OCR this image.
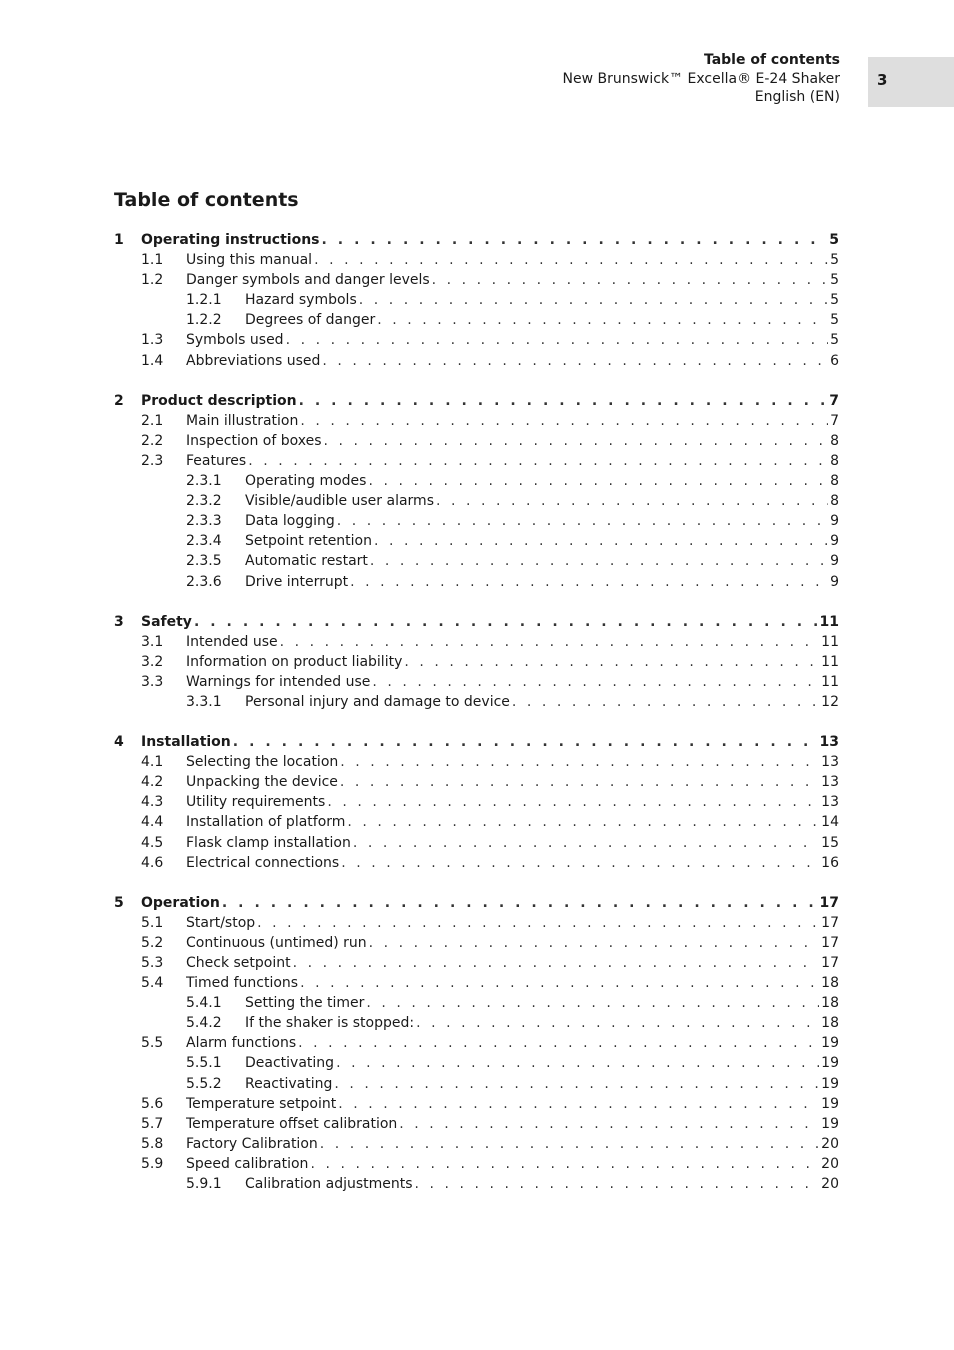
Table of contents
New Brunswick™ Excella® E-24 Shaker
English (EN)
3
Table of contents
1 Operating instructions . . .	5
1.1 Using this manual . . .	5
1.2 Danger symbols and danger levels . . .	5
1.2.1 Hazard symbols . . .	5
1.2.2 Degrees of danger . . .	5
1.3 Symbols used . . .	5
1.4 Abbreviations used . . .	6
2 Product description . . .	7
2.1 Main illustration . . .	7
2.2 Inspection of boxes . . .	8
2.3 Features . . .	8
2.3.1 Operating modes . . .	8
2.3.2 Visible/audible user alarms . . .	8
2.3.3 Data logging . . .	9
2.3.4 Setpoint retention . . .	9
2.3.5 Automatic restart . . .	9
2.3.6 Drive interrupt . . .	9
3 Safety . . .	11
3.1 Intended use . . .	11
3.2 Information on product liability . . .	11
3.3 Warnings for intended use . . .	11
3.3.1 Personal injury and damage to device . . .	12
4 Installation . . .	13
4.1 Selecting the location . . .	13
4.2 Unpacking the device . . .	13
4.3 Utility requirements . . .	13
4.4 Installation of platform . . .	14
4.5 Flask clamp installation . . .	15
4.6 Electrical connections . . .	16
5 Operation . . .	17
5.1 Start/stop . . .	17
5.2 Continuous (untimed) run . . .	17
5.3 Check setpoint . . .	17
5.4 Timed functions . . .	18
5.4.1 Setting the timer . . .	18
5.4.2 If the shaker is stopped: . . .	18
5.5 Alarm functions . . .	19
5.5.1 Deactivating . . .	19
5.5.2 Reactivating . . .	19
5.6 Temperature setpoint . . .	19
5.7 Temperature offset calibration . . .	19
5.8 Factory Calibration . . .	20
5.9 Speed calibration . . .	20
5.9.1 Calibration adjustments . . .	20
